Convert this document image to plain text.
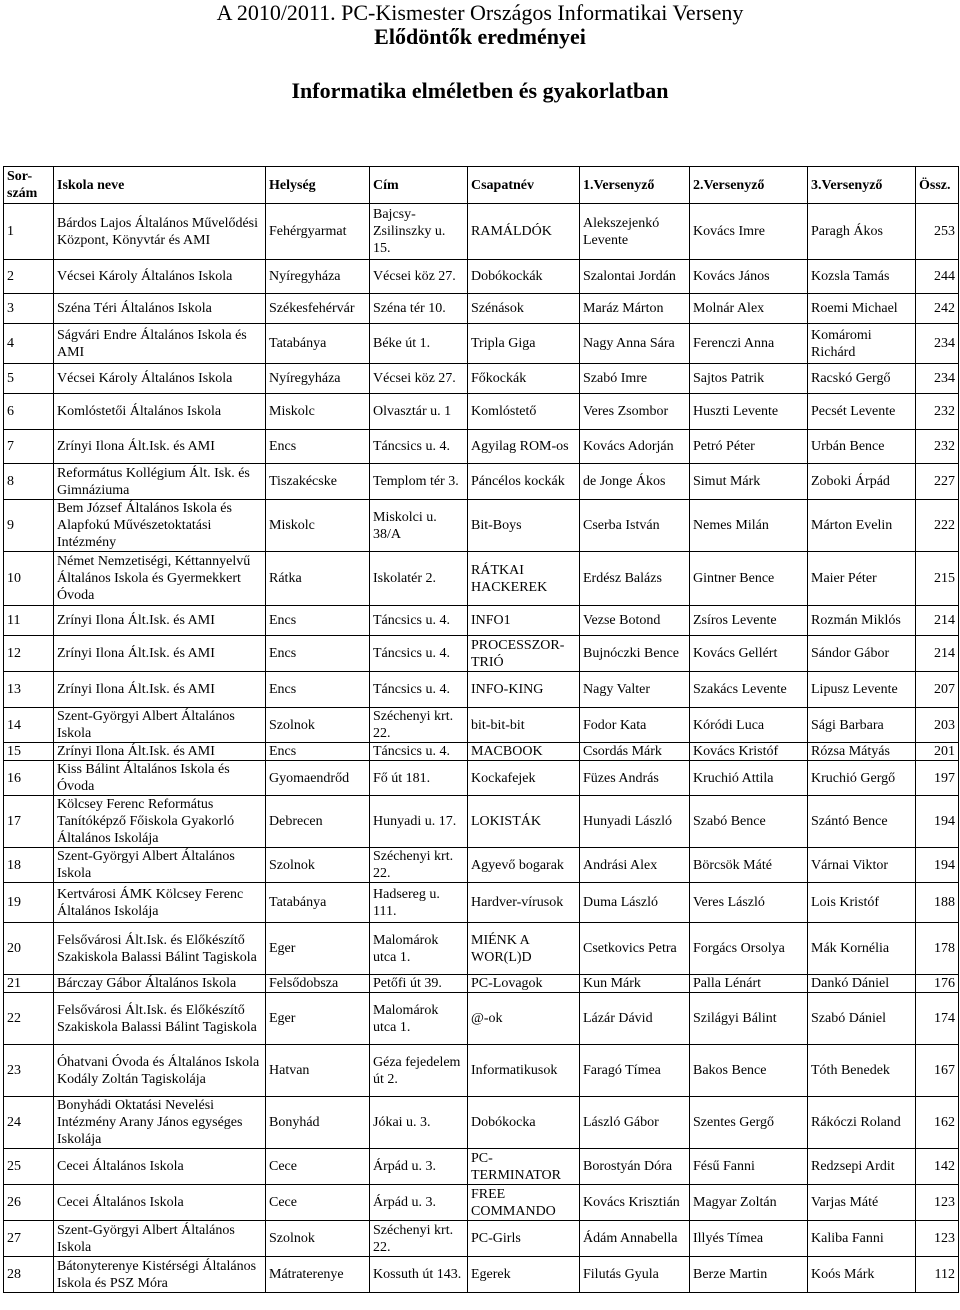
A 2010/2011. PC-Kismester Országos Informatikai Verseny
Elődöntők eredményei
Informatika elméletben és gyakorlatban
Sor-szám	Iskola neve	Helység	Cím	Csapatnév	1.Versenyző	2.Versenyző	3.Versenyző	Össz.
1	Bárdos Lajos Általános Művelődési Központ, Könyvtár és AMI	Fehérgyarmat	Bajcsy-Zsilinszky u. 15.	RAMÁLDÓK	Alekszejenkó Levente	Kovács Imre	Paragh Ákos	253
2	Vécsei Károly Általános Iskola	Nyíregyháza	Vécsei köz 27.	Dobókockák	Szalontai Jordán	Kovács János	Kozsla Tamás	244
3	Széna Téri Általános Iskola	Székesfehérvár	Széna tér 10.	Szénások	Maráz Márton	Molnár Alex	Roemi Michael	242
4	Ságvári Endre Általános Iskola és AMI	Tatabánya	Béke út 1.	Tripla Giga	Nagy Anna Sára	Ferenczi Anna	Komáromi Richárd	234
5	Vécsei Károly Általános Iskola	Nyíregyháza	Vécsei köz 27.	Főkockák	Szabó Imre	Sajtos Patrik	Racskó Gergő	234
6	Komlóstetői Általános Iskola	Miskolc	Olvasztár u. 1	Komlóstető	Veres Zsombor	Huszti Levente	Pecsét Levente	232
7	Zrínyi Ilona Ált.Isk. és AMI	Encs	Táncsics u. 4.	Agyilag ROM-os	Kovács Adorján	Petró Péter	Urbán Bence	232
8	Református Kollégium Ált. Isk. és Gimnáziuma	Tiszakécske	Templom tér 3.	Páncélos kockák	de Jonge Ákos	Simut Márk	Zoboki Árpád	227
9	Bem József Általános Iskola és Alapfokú Művészetoktatási Intézmény	Miskolc	Miskolci u. 38/A	Bit-Boys	Cserba István	Nemes Milán	Márton Evelin	222
10	Német Nemzetiségi, Kéttannyelvű Általános Iskola és Gyermekkert Óvoda	Rátka	Iskolatér 2.	RÁTKAI HACKEREK	Erdész Balázs	Gintner Bence	Maier Péter	215
11	Zrínyi Ilona Ált.Isk. és AMI	Encs	Táncsics u. 4.	INFO1	Vezse Botond	Zsíros Levente	Rozmán Miklós	214
12	Zrínyi Ilona Ált.Isk. és AMI	Encs	Táncsics u. 4.	PROCESSZOR-TRIÓ	Bujnóczki Bence	Kovács Gellért	Sándor Gábor	214
13	Zrínyi Ilona Ált.Isk. és AMI	Encs	Táncsics u. 4.	INFO-KING	Nagy Valter	Szakács Levente	Lipusz Levente	207
14	Szent-Györgyi Albert Általános Iskola	Szolnok	Széchenyi krt. 22.	bit-bit-bit	Fodor Kata	Kóródi Luca	Sági Barbara	203
15	Zrínyi Ilona Ált.Isk. és AMI	Encs	Táncsics u. 4.	MACBOOK	Csordás Márk	Kovács Kristóf	Rózsa Mátyás	201
16	Kiss Bálint Általános Iskola és Óvoda	Gyomaendrőd	Fő út 181.	Kockafejek	Füzes András	Kruchió Attila	Kruchió Gergő	197
17	Kölcsey Ferenc Református Tanítóképző Főiskola Gyakorló Általános Iskolája	Debrecen	Hunyadi u. 17.	LOKISTÁK	Hunyadi László	Szabó Bence	Szántó Bence	194
18	Szent-Györgyi Albert Általános Iskola	Szolnok	Széchenyi krt. 22.	Agyevő bogarak	Andrási Alex	Börcsök Máté	Várnai Viktor	194
19	Kertvárosi ÁMK Kölcsey Ferenc Általános Iskolája	Tatabánya	Hadsereg u. 111.	Hardver-vírusok	Duma László	Veres László	Lois Kristóf	188
20	Felsővárosi Ált.Isk. és Előkészítő Szakiskola Balassi Bálint Tagiskola	Eger	Malomárok utca 1.	MIÉNK A WOR(L)D	Csetkovics Petra	Forgács Orsolya	Mák Kornélia	178
21	Bárczay Gábor Általános Iskola	Felsődobsza	Petőfi út 39.	PC-Lovagok	Kun Márk	Palla Lénárt	Dankó Dániel	176
22	Felsővárosi Ált.Isk. és Előkészítő Szakiskola Balassi Bálint Tagiskola	Eger	Malomárok utca 1.	@-ok	Lázár Dávid	Szilágyi Bálint	Szabó Dániel	174
23	Óhatvani Óvoda és Általános Iskola Kodály Zoltán Tagiskolája	Hatvan	Géza fejedelem út 2.	Informatikusok	Faragó Tímea	Bakos Bence	Tóth Benedek	167
24	Bonyhádi Oktatási Nevelési Intézmény Arany János egységes Iskolája	Bonyhád	Jókai u. 3.	Dobókocka	László Gábor	Szentes Gergő	Rákóczi Roland	162
25	Cecei Általános Iskola	Cece	Árpád u. 3.	PC-TERMINATOR	Borostyán Dóra	Fésű Fanni	Redzsepi Ardit	142
26	Cecei Általános Iskola	Cece	Árpád u. 3.	FREE COMMANDO	Kovács Krisztián	Magyar Zoltán	Varjas Máté	123
27	Szent-Györgyi Albert Általános Iskola	Szolnok	Széchenyi krt. 22.	PC-Girls	Ádám Annabella	Illyés Tímea	Kaliba Fanni	123
28	Bátonyterenye Kistérségi Általános Iskola és PSZ Móra	Mátraterenye	Kossuth út 143.	Egerek	Filutás Gyula	Berze Martin	Koós Márk	112
